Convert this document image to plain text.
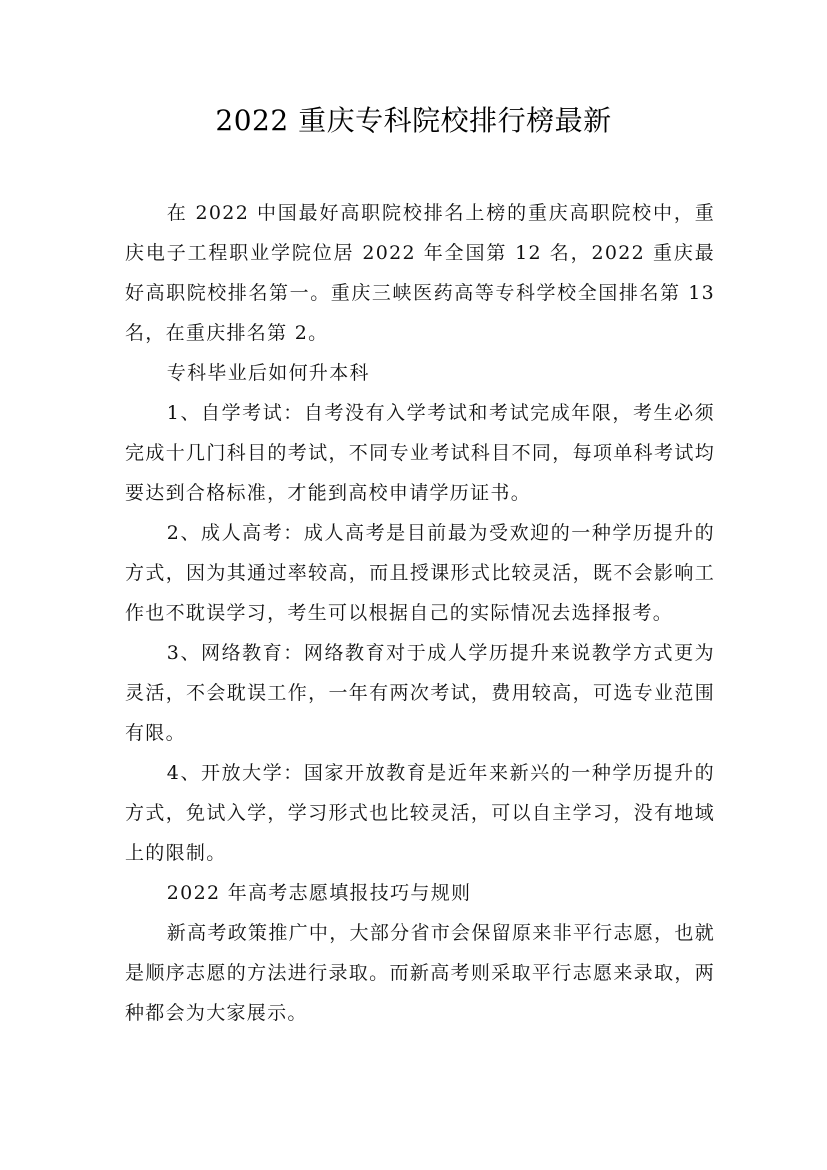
2022 重庆专科院校排行榜最新

在 2022 中国最好高职院校排名上榜的重庆高职院校中，重庆电子工程职业学院位居 2022 年全国第 12 名，2022 重庆最好高职院校排名第一。重庆三峡医药高等专科学校全国排名第 13 名，在重庆排名第 2。

专科毕业后如何升本科

1、自学考试：自考没有入学考试和考试完成年限，考生必须完成十几门科目的考试，不同专业考试科目不同，每项单科考试均要达到合格标准，才能到高校申请学历证书。

2、成人高考：成人高考是目前最为受欢迎的一种学历提升的方式，因为其通过率较高，而且授课形式比较灵活，既不会影响工作也不耽误学习，考生可以根据自己的实际情况去选择报考。

3、网络教育：网络教育对于成人学历提升来说教学方式更为灵活，不会耽误工作，一年有两次考试，费用较高，可选专业范围有限。

4、开放大学：国家开放教育是近年来新兴的一种学历提升的方式，免试入学，学习形式也比较灵活，可以自主学习，没有地域上的限制。

2022 年高考志愿填报技巧与规则

新高考政策推广中，大部分省市会保留原来非平行志愿，也就是顺序志愿的方法进行录取。而新高考则采取平行志愿来录取，两种都会为大家展示。
